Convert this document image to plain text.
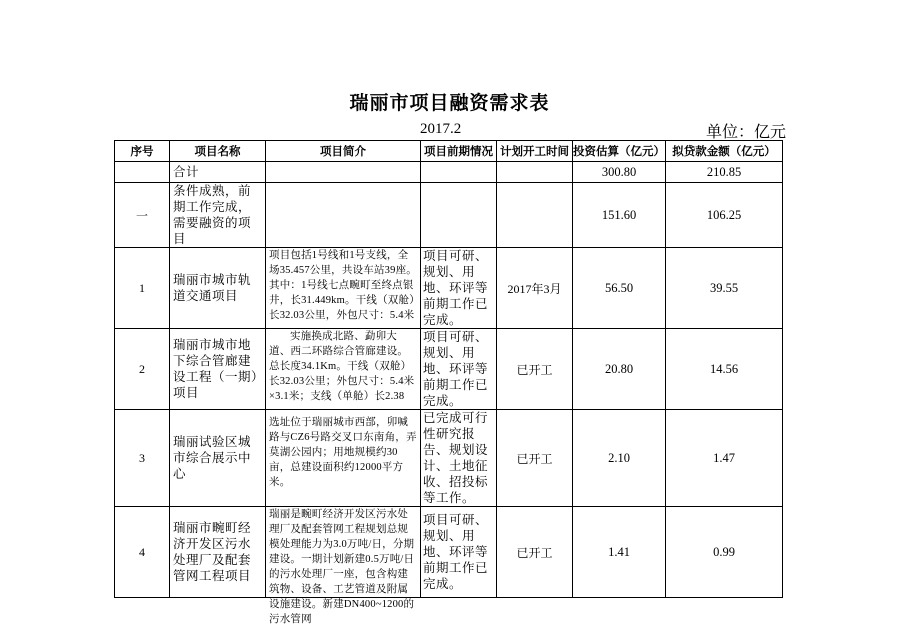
瑞丽市项目融资需求表
2017.2	单位：亿元
序号	项目名称	项目简介	项目前期情况	计划开工时间	投资估算（亿元）	拟贷款金额（亿元）
	合计				300.80	210.85
一	条件成熟，前期工作完成，需要融资的项目				151.60	106.25
1	瑞丽市城市轨道交通项目	项目包括1号线和1号支线，全场35.457公里，共设车站39座。其中：1号线七点畹町至终点银井，长31.449km。干线（双舱）长32.03公里，外包尺寸：5.4米	项目可研、规划、用地、环评等前期工作已完成。	2017年3月	56.50	39.55
2	瑞丽市城市地下综合管廊建设工程（一期）项目	实施换成北路、勐卯大道、西二环路综合管廊建设。总长度34.1Km。干线（双舱）长32.03公里；外包尺寸：5.4米×3.1米；支线（单舱）长2.38	项目可研、规划、用地、环评等前期工作已完成。	已开工	20.80	14.56
3	瑞丽试验区城市综合展示中心	选址位于瑞丽城市西部，卯喊路与CZ6号路交叉口东南角，弄莫湖公园内；用地规模约30亩，总建设面积约12000平方米。	已完成可行性研究报告、规划设计、土地征收、招投标等工作。	已开工	2.10	1.47
4	瑞丽市畹町经济开发区污水处理厂及配套管网工程项目	瑞丽是畹町经济开发区污水处理厂及配套管网工程规划总规模处理能力为3.0万吨/日，分期建设。一期计划新建0.5万吨/日的污水处理厂一座，包含构建筑物、设备、工艺管道及附属设施建设。新建DN400~1200的污水管网	项目可研、规划、用地、环评等前期工作已完成。	已开工	1.41	0.99
